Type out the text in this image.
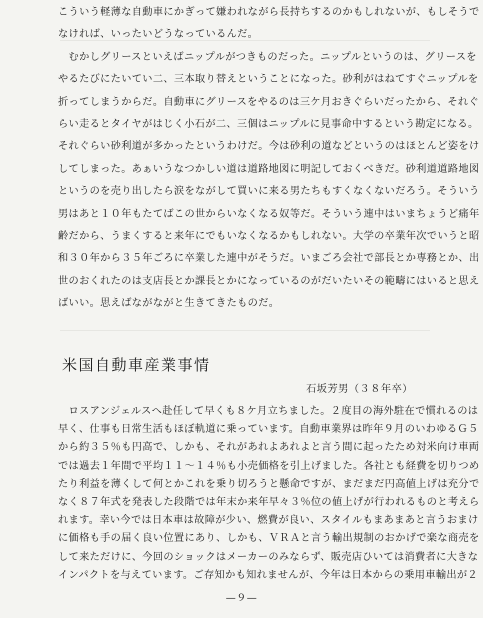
こういう軽薄な自動車にかぎって嫌われながら長持ちするのかもしれないが、もしそうで
なければ、いったいどうなっているんだ。
　むかしグリースといえばニップルがつきものだった。ニップルというのは、グリースを
やるたびにたいてい二、三本取り替えということになった。砂利がはねてすぐニップルを
折ってしまうからだ。自動車にグリースをやるのは三ケ月おきぐらいだったから、それぐ
らい走るとタイヤがはじく小石が二、三個はニップルに見事命中するという勘定になる。
それぐらい砂利道が多かったというわけだ。今は砂利の道などというのはほとんど姿をけ
してしまった。あぁいうなつかしい道は道路地図に明記しておくべきだ。砂利道道路地図
というのを売り出したら涙をながして買いに来る男たちもすくなくないだろう。そういう
男はあと１０年もたてばこの世からいなくなる奴等だ。そういう連中はいまちょうど痛年
齢だから、うまくすると来年にでもいなくなるかもしれない。大学の卒業年次でいうと昭
和３０年から３５年ごろに卒業した連中がそうだ。いまごろ会社で部長とか専務とか、出
世のおくれたのは支店長とか課長とかになっているのがだいたいその範疇にはいると思え
ばいい。思えばながながと生きてきたものだ。
米国自動車産業事情
石坂芳男（３８年卒）
　ロスアンジェルスへ赴任して早くも８ケ月立ちました。２度目の海外駐在で慣れるのは
早く、仕事も日常生活もほぼ軌道に乗っています。自動車業界は昨年９月のいわゆるＧ５
から約３５％も円高で、しかも、それがあれよあれよと言う間に起ったため対米向け車両
では過去１年間で平均１１〜１４％も小売価格を引上げました。各社とも経費を切りつめ
たり利益を薄くして何とかこれを乗り切ろうと懸命ですが、まだまだ円高値上げは充分で
なく８７年式を発表した段階では年末か来年早々３％位の値上げが行われるものと考えら
れます。幸い今では日本車は故障が少い、燃費が良い、スタイルもまあまあと言うおまけ
に価格も手の届く良い位置にあり、しかも、ＶＲＡと言う輸出規制のおかげで楽な商売を
して来ただけに、今回のショックはメーカーのみならず、販売店ひいては消費者に大きな
インパクトを与えています。ご存知かも知れませんが、今年は日本からの乗用車輸出が２
—９—
